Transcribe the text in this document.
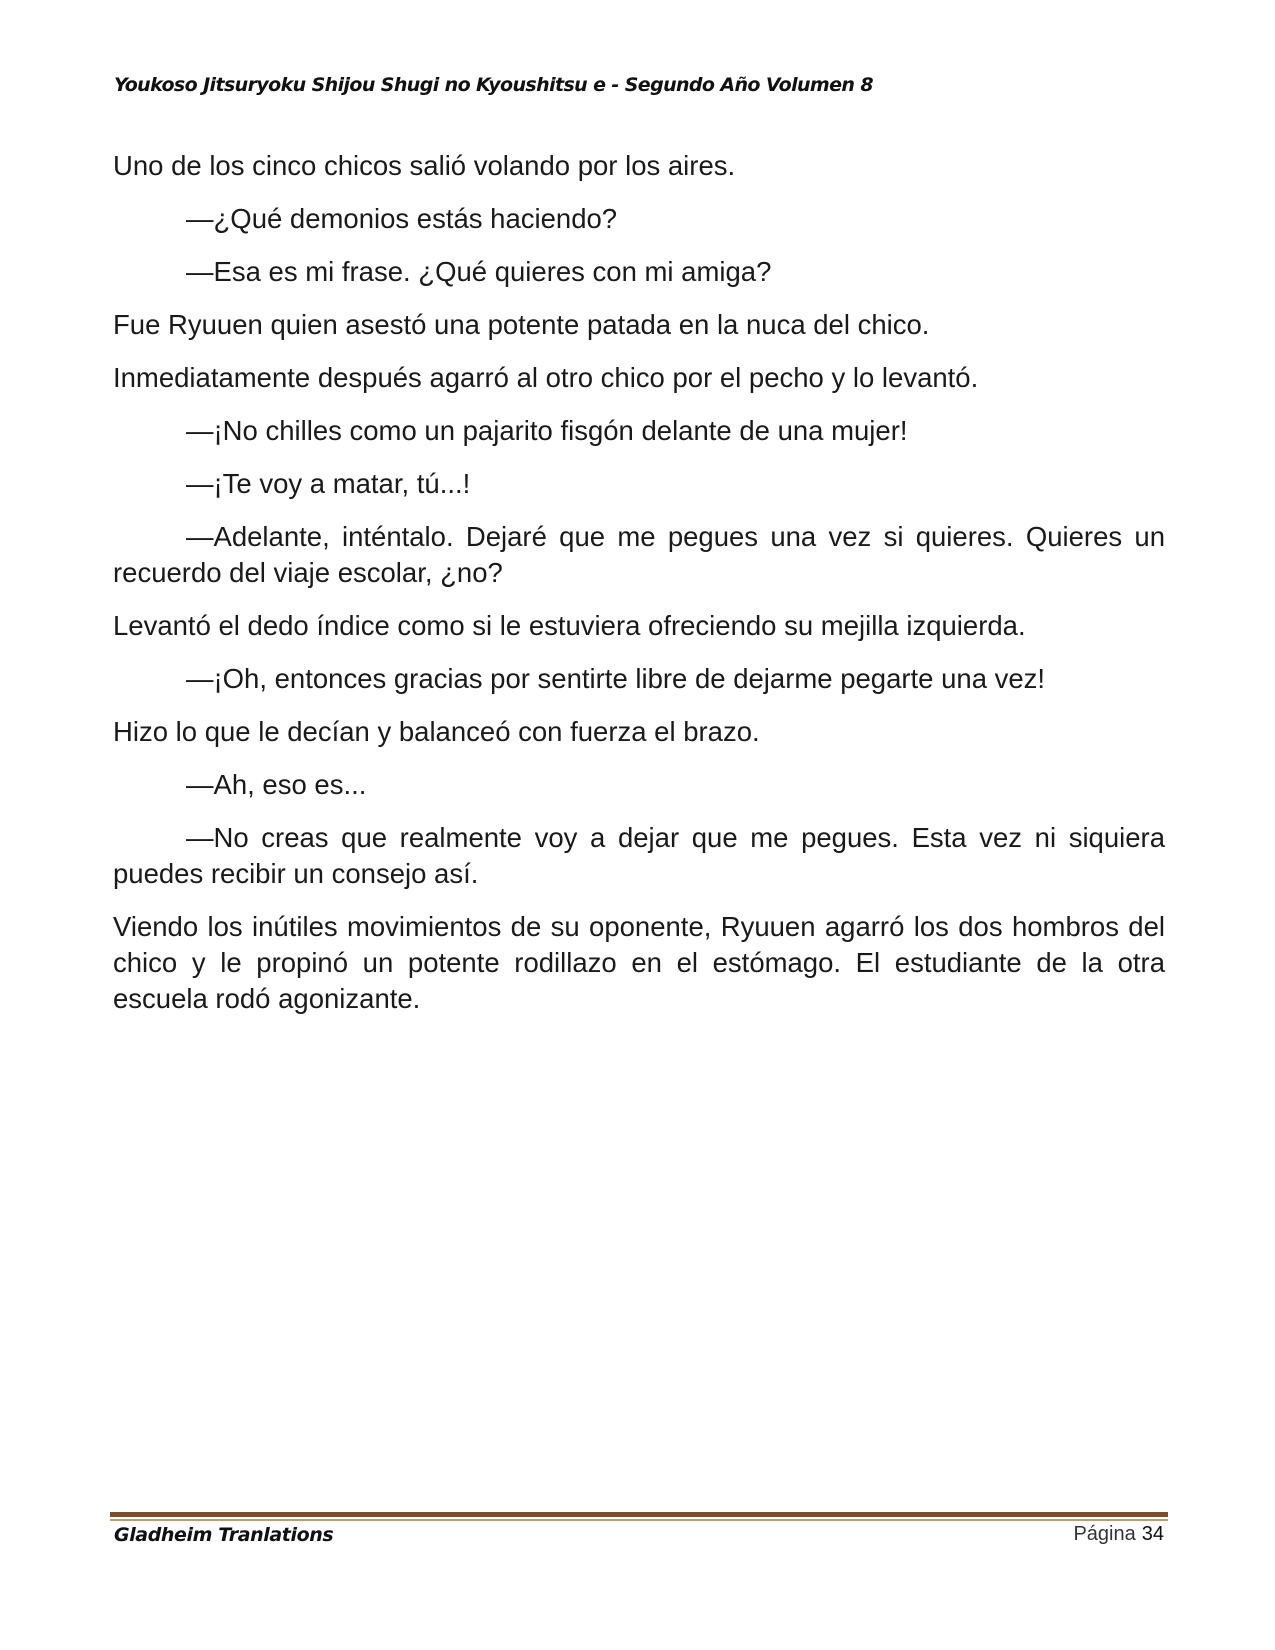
Youkoso Jitsuryoku Shijou Shugi no Kyoushitsu e - Segundo Año Volumen 8

Uno de los cinco chicos salió volando por los aires.

—¿Qué demonios estás haciendo?

—Esa es mi frase. ¿Qué quieres con mi amiga?

Fue Ryuuen quien asestó una potente patada en la nuca del chico.

Inmediatamente después agarró al otro chico por el pecho y lo levantó.

—¡No chilles como un pajarito fisgón delante de una mujer!

—¡Te voy a matar, tú...!

—Adelante, inténtalo. Dejaré que me pegues una vez si quieres. Quieres un recuerdo del viaje escolar, ¿no?

Levantó el dedo índice como si le estuviera ofreciendo su mejilla izquierda.

—¡Oh, entonces gracias por sentirte libre de dejarme pegarte una vez!

Hizo lo que le decían y balanceó con fuerza el brazo.

—Ah, eso es...

—No creas que realmente voy a dejar que me pegues. Esta vez ni siquiera puedes recibir un consejo así.

Viendo los inútiles movimientos de su oponente, Ryuuen agarró los dos hombros del chico y le propinó un potente rodillazo en el estómago. El estudiante de la otra escuela rodó agonizante.

Gladheim Tranlations	Página 34
